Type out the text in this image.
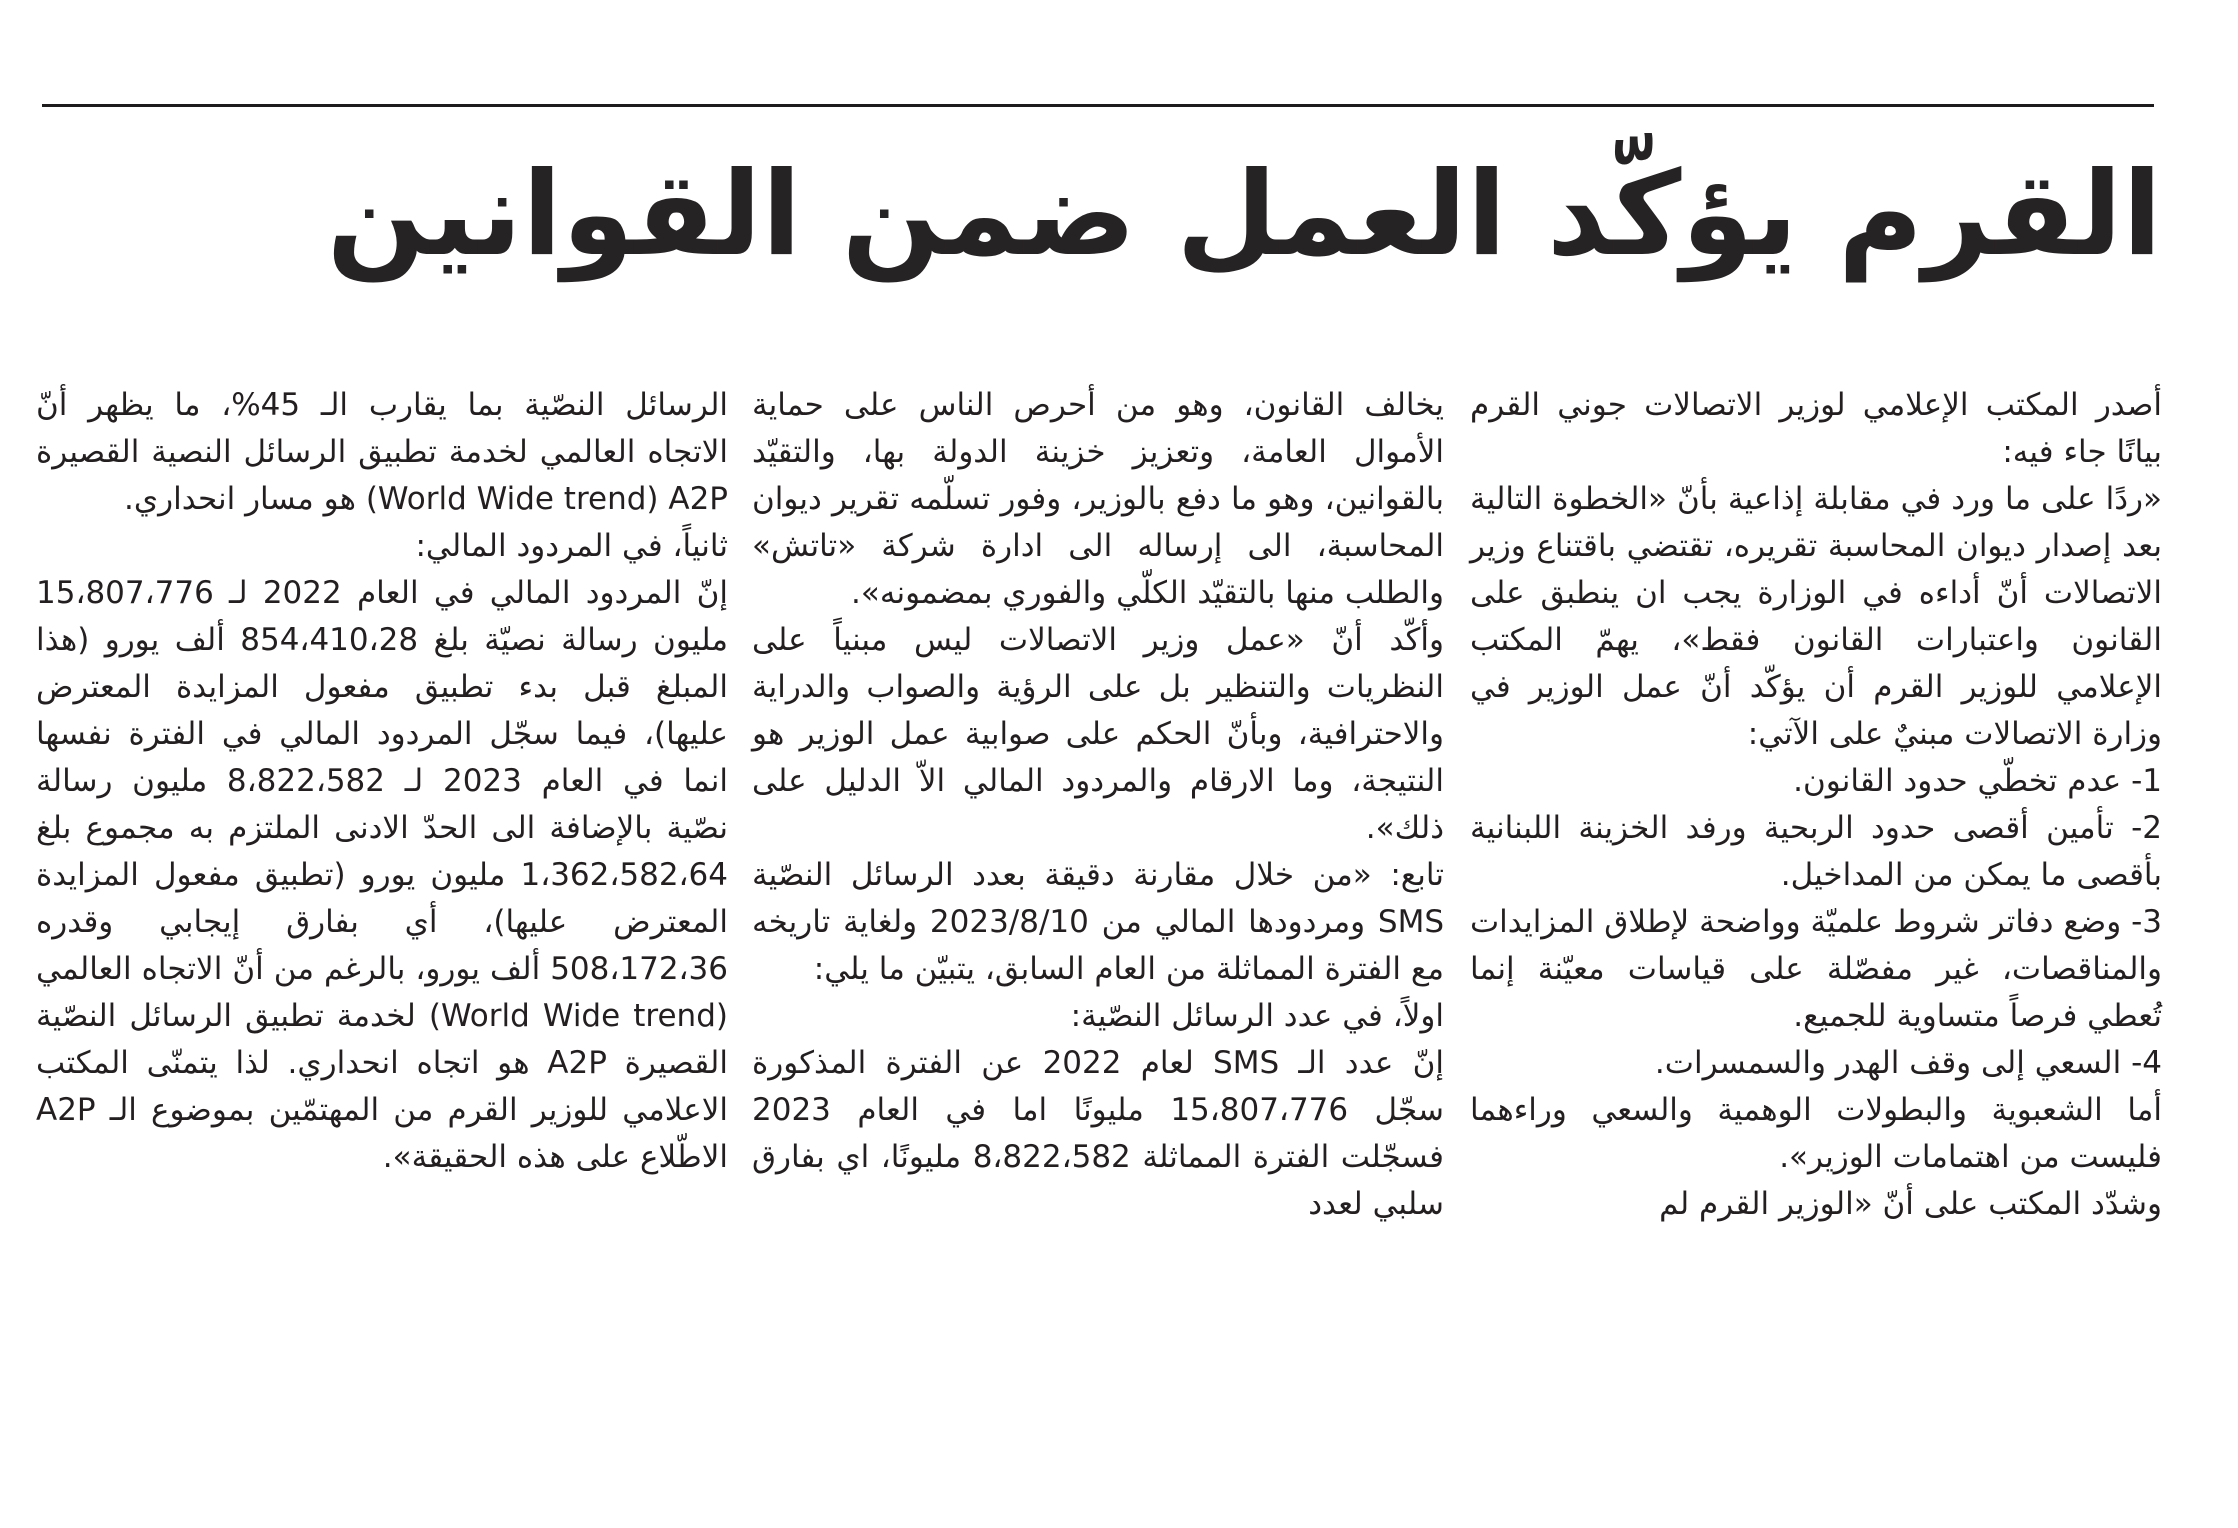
القرم يؤكّد العمل ضمن القوانين

أصدر المكتب الإعلامي لوزير الاتصالات جوني القرم بيانًا جاء فيه:

«ردًا على ما ورد في مقابلة إذاعية بأنّ «الخطوة التالية بعد إصدار ديوان المحاسبة تقريره، تقتضي باقتناع وزير الاتصالات أنّ أداءه في الوزارة يجب ان ينطبق على القانون واعتبارات القانون فقط»، يهمّ المكتب الإعلامي للوزير القرم أن يؤكّد أنّ عمل الوزير في وزارة الاتصالات مبنيٌ على الآتي:

1- عدم تخطّي حدود القانون.

2- تأمين أقصى حدود الربحية ورفد الخزينة اللبنانية بأقصى ما يمكن من المداخيل.

3- وضع دفاتر شروط علميّة وواضحة لإطلاق المزايدات والمناقصات، غير مفصّلة على قياسات معيّنة إنما تُعطي فرصاً متساوية للجميع.

4- السعي إلى وقف الهدر والسمسرات.

أما الشعبوية والبطولات الوهمية والسعي وراءهما فليست من اهتمامات الوزير».

وشدّد المكتب على أنّ «الوزير القرم لم

يخالف القانون، وهو من أحرص الناس على حماية الأموال العامة، وتعزيز خزينة الدولة بها، والتقيّد بالقوانين، وهو ما دفع بالوزير، وفور تسلّمه تقرير ديوان المحاسبة، الى إرساله الى ادارة شركة «تاتش» والطلب منها بالتقيّد الكلّي والفوري بمضمونه».

وأكّد أنّ «عمل وزير الاتصالات ليس مبنياً على النظريات والتنظير بل على الرؤية والصواب والدراية والاحترافية، وبأنّ الحكم على صوابية عمل الوزير هو النتيجة، وما الارقام والمردود المالي الاّ الدليل على ذلك».

تابع: «من خلال مقارنة دقيقة بعدد الرسائل النصّية SMS ومردودها المالي من 2023/8/10 ولغاية تاريخه مع الفترة المماثلة من العام السابق، يتبيّن ما يلي:

اولاً، في عدد الرسائل النصّية:

إنّ عدد الـ SMS لعام 2022 عن الفترة المذكورة سجّل 15،807،776 مليونًا اما في العام 2023 فسجّلت الفترة المماثلة 8،822،582 مليونًا، اي بفارق سلبي لعدد

الرسائل النصّية بما يقارب الـ 45%، ما يظهر أنّ الاتجاه العالمي لخدمة تطبيق الرسائل النصية القصيرة World Wide trend) A2P) هو مسار انحداري.

ثانياً، في المردود المالي:

إنّ المردود المالي في العام 2022 لـ 15،807،776 مليون رسالة نصيّة بلغ 854،410،28 ألف يورو (هذا المبلغ قبل بدء تطبيق مفعول المزايدة المعترض عليها)، فيما سجّل المردود المالي في الفترة نفسها انما في العام 2023 لـ 8،822،582 مليون رسالة نصّية بالإضافة الى الحدّ الادنى الملتزم به مجموع بلغ 1،362،582،64 مليون يورو (تطبيق مفعول المزايدة المعترض عليها)، أي بفارق إيجابي وقدره 508،172،36 ألف يورو، بالرغم من أنّ الاتجاه العالمي (World Wide trend) لخدمة تطبيق الرسائل النصّية القصيرة A2P هو اتجاه انحداري. لذا يتمنّى المكتب الاعلامي للوزير القرم من المهتمّين بموضوع الـ A2P الاطّلاع على هذه الحقيقة».
